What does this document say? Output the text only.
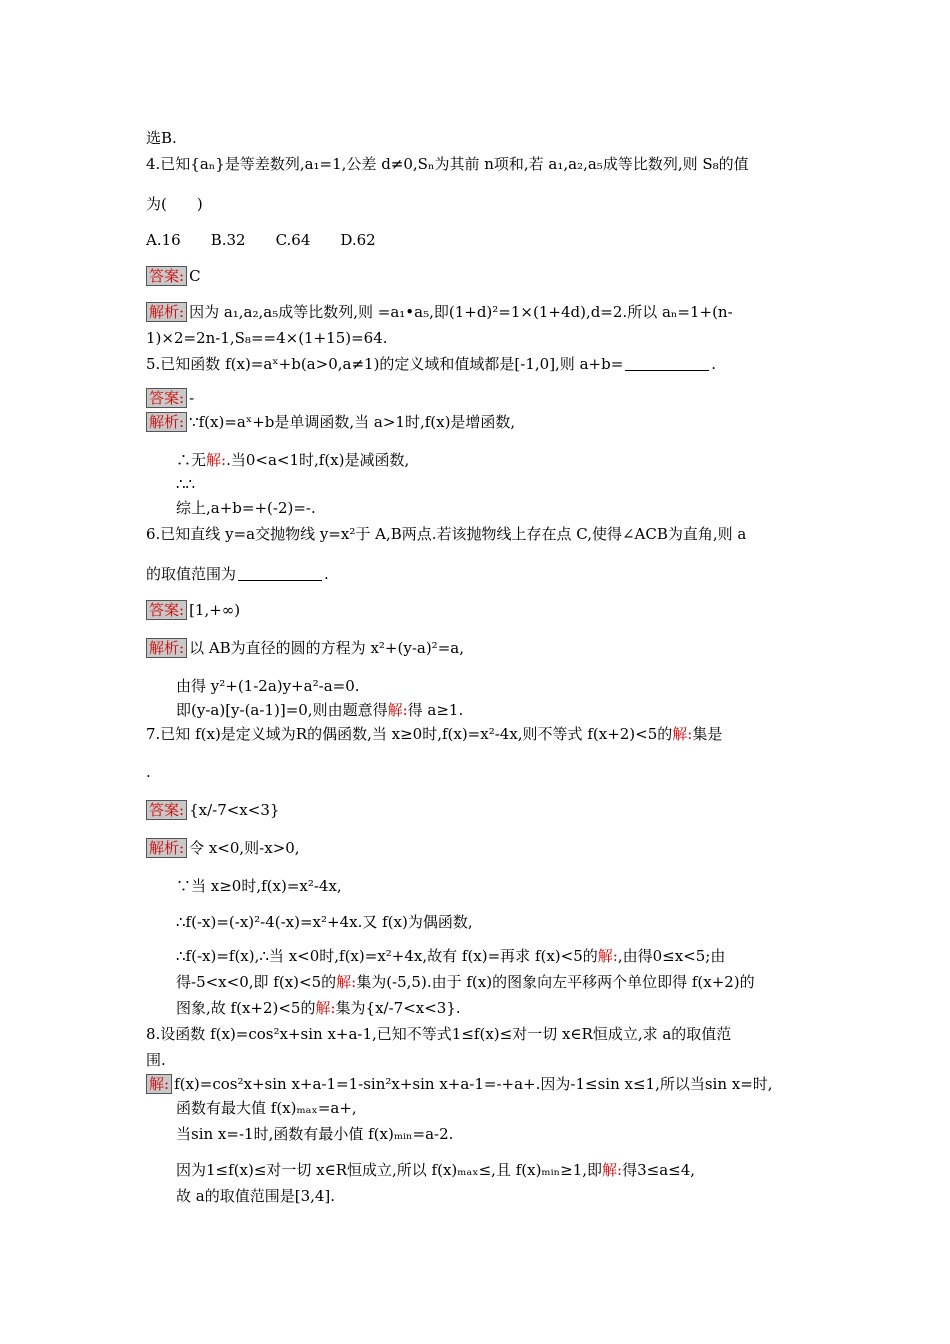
选B.
4.已知{aₙ}是等差数列,a₁=1,公差 d≠0,Sₙ为其前 n项和,若 a₁,a₂,a₅成等比数列,则 S₈的值
为(　　)
A.16　　B.32　　C.64　　D.62
答案: C
解析: 因为 a₁,a₂,a₅成等比数列,则 =a₁•a₅,即(1+d)²=1×(1+4d),d=2.所以 aₙ=1+(n-
1)×2=2n-1,S₈==4×(1+15)=64.
5.已知函数 f(x)=aˣ+b(a>0,a≠1)的定义域和值域都是[-1,0],则 a+b=	.
答案: -
解析: ∵f(x)=aˣ+b是单调函数,当 a>1时,f(x)是增函数,
∴无解:.当0<a<1时,f(x)是减函数,
∴∴
综上,a+b=+(-2)=-.
6.已知直线 y=a交抛物线 y=x²于 A,B两点.若该抛物线上存在点 C,使得∠ACB为直角,则 a
的取值范围为	.
答案: [1,+∞)
解析: 以 AB为直径的圆的方程为 x²+(y-a)²=a,
由得 y²+(1-2a)y+a²-a=0.
即(y-a)[y-(a-1)]=0,则由题意得解:得 a≥1.
7.已知 f(x)是定义域为R的偶函数,当 x≥0时,f(x)=x²-4x,则不等式 f(x+2)<5的解:集是
.
答案: {x/-7<x<3}
解析: 令 x<0,则-x>0,
∵当 x≥0时,f(x)=x²-4x,
∴f(-x)=(-x)²-4(-x)=x²+4x.又 f(x)为偶函数,
∴f(-x)=f(x),∴当 x<0时,f(x)=x²+4x,故有 f(x)=再求 f(x)<5的解:,由得0≤x<5;由
得-5<x<0,即 f(x)<5的解:集为(-5,5).由于 f(x)的图象向左平移两个单位即得 f(x+2)的
图象,故 f(x+2)<5的解:集为{x/-7<x<3}.
8.设函数 f(x)=cos²x+sin x+a-1,已知不等式1≤f(x)≤对一切 x∈R恒成立,求 a的取值范
围.
解: f(x)=cos²x+sin x+a-1=1-sin²x+sin x+a-1=-+a+.因为-1≤sin x≤1,所以当sin x=时,
函数有最大值 f(x)ₘₐₓ=a+,
当sin x=-1时,函数有最小值 f(x)ₘᵢₙ=a-2.
因为1≤f(x)≤对一切 x∈R恒成立,所以 f(x)ₘₐₓ≤,且 f(x)ₘᵢₙ≥1,即解:得3≤a≤4,
故 a的取值范围是[3,4].
